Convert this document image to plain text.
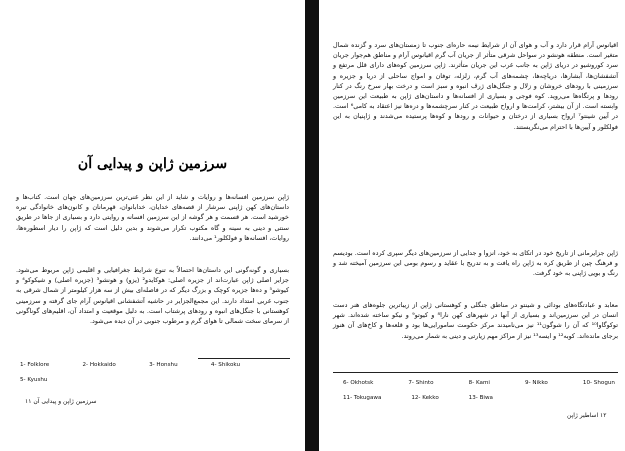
سرزمین ژاپن و پیدایی آن

ژاپن سرزمین افسانه‌ها و روایات و شاید از این نظر غنی‌ترین سرزمین‌های جهان است. کتاب‌ها و داستان‌های کهن ژاپنی سرشار از قصه‌های خدایان، خدابانوان، قهرمانان و کانون‌های خانوادگی تیره خورشید است. هر قسمت و هر گوشه از این سرزمین افسانه و روایتی دارد و بسیاری از جاها در طریق سنتی و دینی به سینه و گاه مکتوب تکرار می‌شوند و بدین دلیل است که ژاپن را دیار اسطوره‌ها، روایات، افسانه‌ها و فولکلور¹ می‌دانند.

بسیاری و گونه‌گونی این داستان‌ها احتمالاً به تنوع شرایط جغرافیایی و اقلیمی ژاپن مربوط می‌شود. جزایر اصلی ژاپن عبارت‌اند از جزیره اصلی: هوکایدو² (یزو) و هونشو³ (جزیره اصلی) و شیکوکو⁴ و کیوشو⁵ و ده‌ها جزیره کوچک و بزرگ دیگر که در فاصله‌ای بیش از سه هزار کیلومتر از شمال شرقی به جنوب غربی امتداد دارند. این مجمع‌الجزایر در حاشیه آتشفشانی اقیانوس آرام جای گرفته و سرزمینی کوهستانی با جنگل‌های انبوه و رودهای پرشتاب است. به دلیل موقعیت و امتداد آن، اقلیم‌های گوناگونی از سرمای سخت شمالی تا هوای گرم و مرطوب جنوبی در آن دیده می‌شود.

1- Folklore	2- Hokkaido	3- Honshu	4- Shikoku
5- Kyushu
سرزمین ژاپن و پیدایی آن ۱۱

اقیانوس آرام قرار دارد و آب و هوای آن از شرایط نیمه حاره‌ای جنوب تا زمستان‌های سرد و گزنده شمال متغیر است. منطقه هونشو در سواحل شرقی متأثر از جریان آب گرم اقیانوس آرام و مناطق هم‌جوار جریان سرد کوروشیو در دریای ژاپن به جانب غرب این جریان متأثرند. ژاپن سرزمین کوه‌های دارای قلل مرتفع و آتشفشان‌ها، آبشارها، دریاچه‌ها، چشمه‌های آب گرم، زلزله، توفان و امواج ساحلی از دریا و جزیره و سرزمینی با رودهای خروشان و زلال و جنگل‌های ژرف انبوه و سبز است و درخت بهار سرخ رنگ در کنار رودها و پرتگاه‌ها می‌روید. کوه فوجی و بسیاری از افسانه‌ها و داستان‌های ژاپن به طبیعت این سرزمین وابسته است. از آن بیشتر، کرامت‌ها و ارواح طبیعت در کنار سرچشمه‌ها و دره‌ها نیز اعتقاد به کامی⁶ است. در آیین شینتو⁷ ارواح بسیاری از درختان و حیوانات و رودها و کوه‌ها پرستیده می‌شدند و ژاپنیان به این فولکلور و آیین‌ها با احترام می‌نگریستند.

ژاپن جزایرمانی از تاریخ خود در اتکای به خود، انزوا و جدایی از سرزمین‌های دیگر سپری کرده است. بودیسم و فرهنگ چین از طریق کره به ژاپن راه یافت و به تدریج با عقاید و رسوم بومی این سرزمین آمیخته شد و رنگ و بویی ژاپنی به خود گرفت.

معابد و عبادتگاه‌های بودائی و شینتو در مناطق جنگلی و کوهستانی ژاپن از زیباترین جلوه‌های هنر دست انسان در این سرزمین‌اند و بسیاری از آنها در شهرهای کهن نارا⁸ و کیوتو⁹ و نیکو ساخته شده‌اند. شهر توکوگاوا¹⁰ که آن را شوگون¹¹ نیز می‌نامیدند مرکز حکومت سامورایی‌ها بود و قلعه‌ها و کاخ‌های آن هنوز برجای مانده‌اند. کوبه¹² و ایسه¹³ نیز از مراکز مهم زیارتی و دینی به شمار می‌روند.

6- Okhotsk	7- Shinto	8- Kami	9- Nikko	10- Shogun
11- Tokugawa	12- Kekko	13- Biwa
۱۲ اساطیر ژاپن
